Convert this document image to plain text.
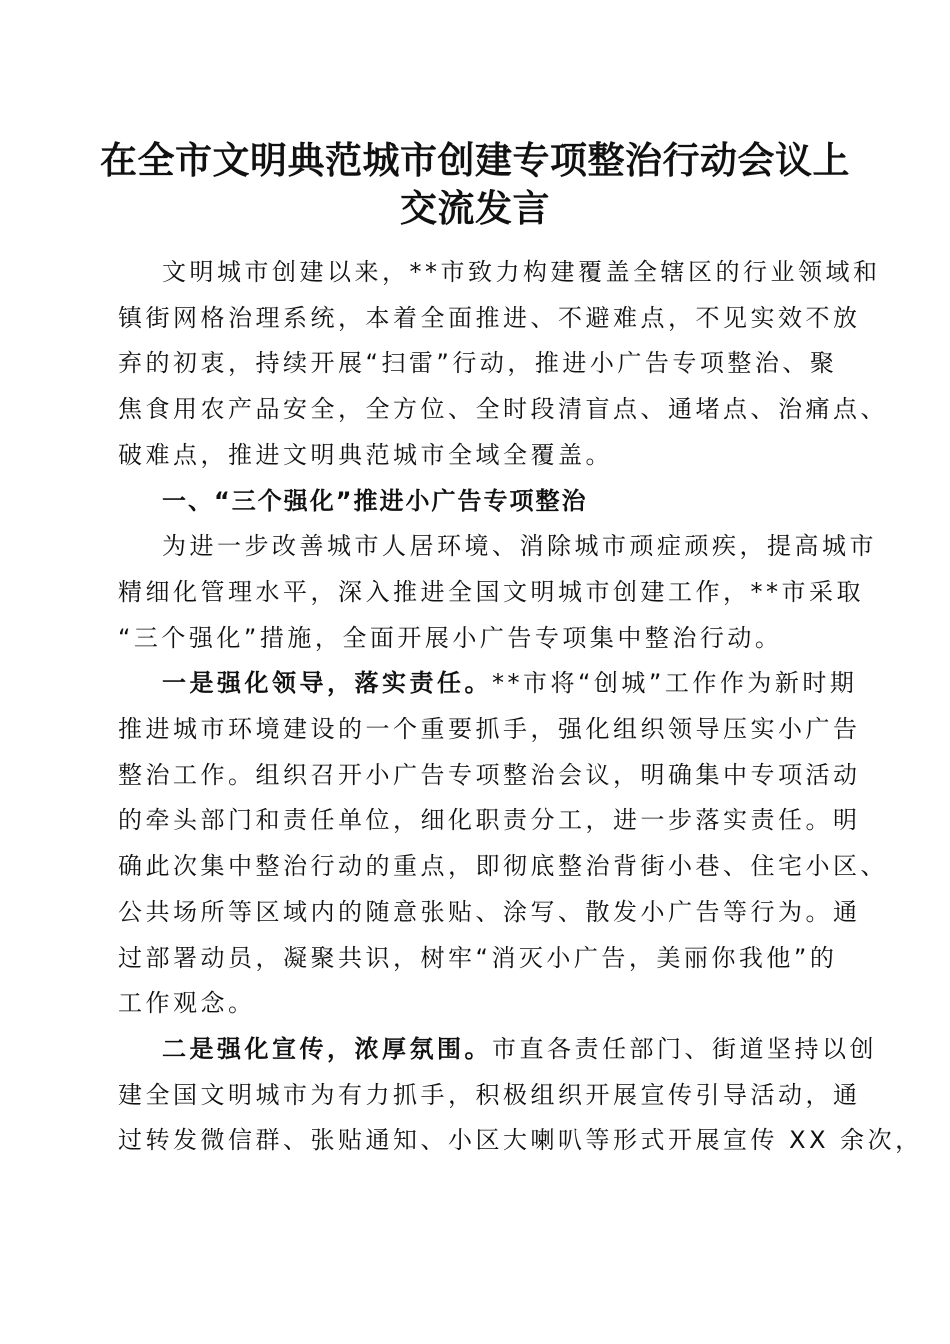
在全市文明典范城市创建专项整治行动会议上
交流发言
文明城市创建以来，**市致力构建覆盖全辖区的行业领域和
镇街网格治理系统，本着全面推进、不避难点，不见实效不放
弃的初衷，持续开展“扫雷”行动，推进小广告专项整治、聚
焦食用农产品安全，全方位、全时段清盲点、通堵点、治痛点、
破难点，推进文明典范城市全域全覆盖。
一、“三个强化”推进小广告专项整治
为进一步改善城市人居环境、消除城市顽症顽疾，提高城市
精细化管理水平，深入推进全国文明城市创建工作，**市采取
“三个强化”措施，全面开展小广告专项集中整治行动。
一是强化领导，落实责任。**市将“创城”工作作为新时期
推进城市环境建设的一个重要抓手，强化组织领导压实小广告
整治工作。组织召开小广告专项整治会议，明确集中专项活动
的牵头部门和责任单位，细化职责分工，进一步落实责任。明
确此次集中整治行动的重点，即彻底整治背街小巷、住宅小区、
公共场所等区域内的随意张贴、涂写、散发小广告等行为。通
过部署动员，凝聚共识，树牢“消灭小广告，美丽你我他”的
工作观念。
二是强化宣传，浓厚氛围。市直各责任部门、街道坚持以创
建全国文明城市为有力抓手，积极组织开展宣传引导活动，通
过转发微信群、张贴通知、小区大喇叭等形式开展宣传 XX 余次，
